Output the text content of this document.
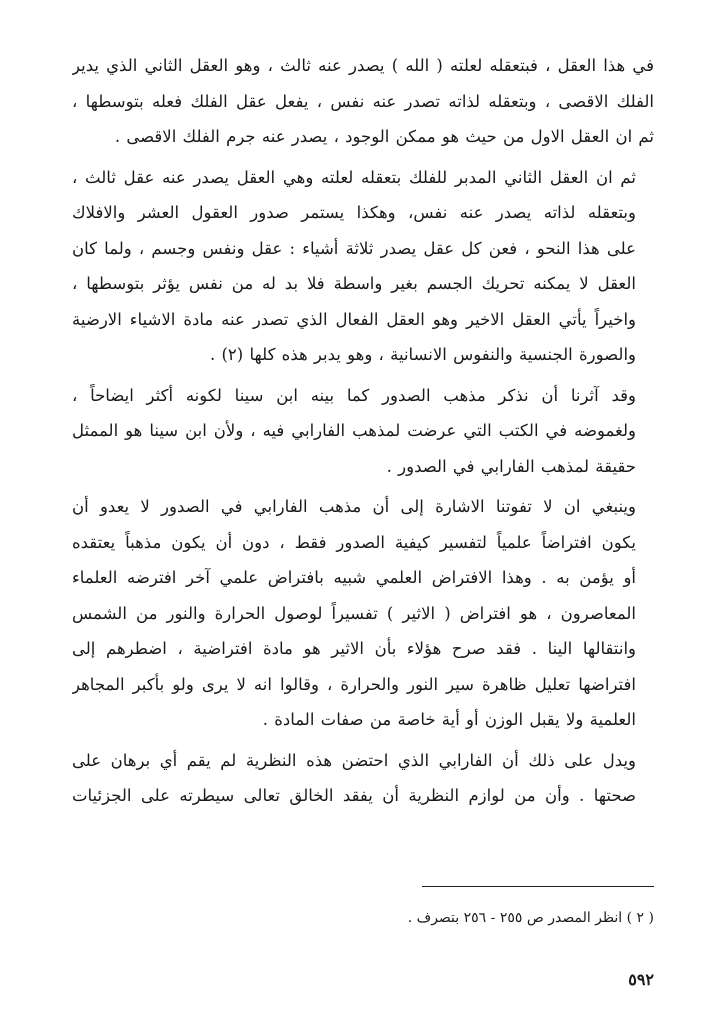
في هذا العقل ، فبتعقله لعلته ( الله ) يصدر عنه ثالث ، وهو العقل الثاني الذي يدير
الفلك الاقصى ، وبتعقله لذاته تصدر عنه نفس ، يفعل عقل الفلك فعله بتوسطها ،
ثم ان العقل الاول من حيث هو ممكن الوجود ، يصدر عنه جرم الفلك الاقصى .

ثم ان العقل الثاني المدبر للفلك بتعقله لعلته وهي العقل يصدر عنه عقل ثالث ،
وبتعقله لذاته يصدر عنه نفس، وهكذا يستمر صدور العقول العشر والافلاك
على هذا النحو ، فعن كل عقل يصدر ثلاثة أشياء : عقل ونفس وجسم ، ولما كان
العقل لا يمكنه تحريك الجسم بغير واسطة فلا بد له من نفس يؤثر بتوسطها ،
واخيراً يأتي العقل الاخير وهو العقل الفعال الذي تصدر عنه مادة الاشياء الارضية
والصورة الجنسية والنفوس الانسانية ، وهو يدبر هذه كلها (٢) .

وقد آثرنا أن نذكر مذهب الصدور كما بينه ابن سينا لكونه أكثر ايضاحاً ،
ولغموضه في الكتب التي عرضت لمذهب الفارابي فيه ، ولأن ابن سينا هو الممثل
حقيقة لمذهب الفارابي في الصدور .

وينبغي ان لا تفوتنا الاشارة إلى أن مذهب الفارابي في الصدور لا يعدو أن
يكون افتراضاً علمياً لتفسير كيفية الصدور فقط ، دون أن يكون مذهباً يعتقده
أو يؤمن به . وهذا الافتراض العلمي شبيه بافتراض علمي آخر افترضه العلماء
المعاصرون ، هو افتراض ( الاثير ) تفسيراً لوصول الحرارة والنور من الشمس
وانتقالها الينا . فقد صرح هؤلاء بأن الاثير هو مادة افتراضية ، اضطرهم إلى
افتراضها تعليل ظاهرة سير النور والحرارة ، وقالوا انه لا يرى ولو بأكبر المجاهر
العلمية ولا يقبل الوزن أو أية خاصة من صفات المادة .

ويدل على ذلك أن الفارابي الذي احتضن هذه النظرية لم يقم أي برهان على
صحتها . وأن من لوازم النظرية أن يفقد الخالق تعالى سيطرته على الجزئيات

( ٢ ) انظر المصدر ص ٢٥٥ - ٢٥٦ بتصرف .
٥٩٢
